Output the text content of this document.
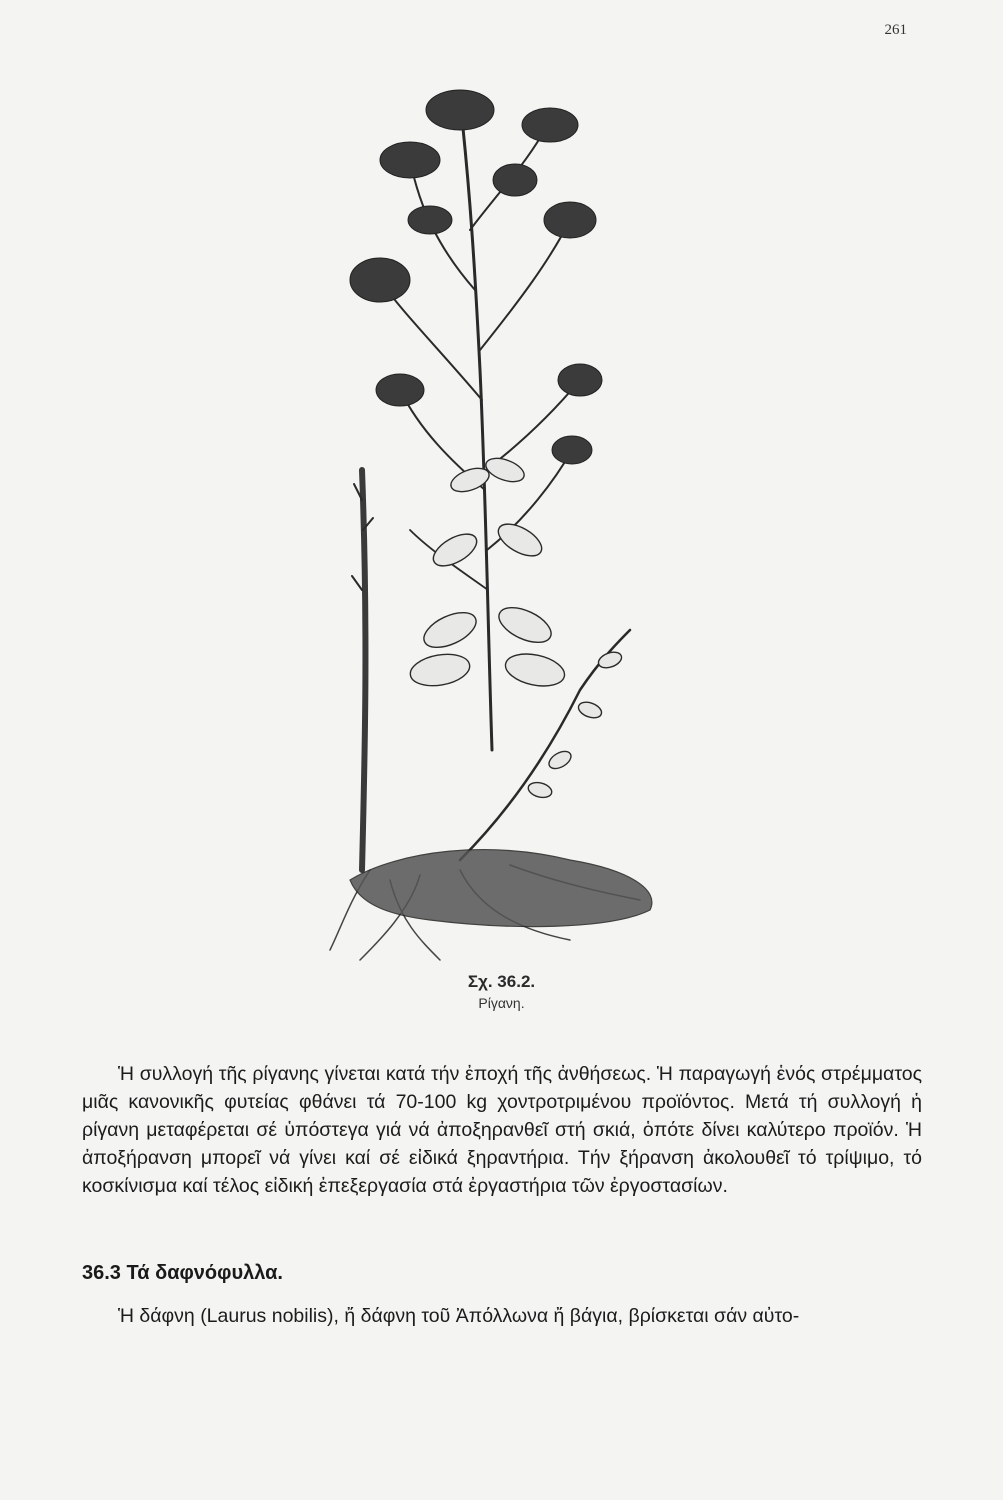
261
Σχ. 36.2.
Ρίγανη.
Ἡ συλλογή τῆς ρίγανης γίνεται κατά τήν ἐποχή τῆς ἀνθήσεως. Ἡ παραγωγή ἑνός στρέμματος μιᾶς κανονικῆς φυτείας φθάνει τά 70-100 kg χοντροτριμένου προϊόντος. Μετά τή συλλογή ἡ ρίγανη μεταφέρεται σέ ὑπόστεγα γιά νά ἀποξηρανθεῖ στή σκιά, ὁπότε δίνει καλύτερο προϊόν. Ἡ ἀποξήρανση μπορεῖ νά γίνει καί σέ εἰδικά ξηραντήρια. Τήν ξήρανση ἀκολουθεῖ τό τρίψιμο, τό κοσκίνισμα καί τέλος εἰδική ἐπεξεργασία στά ἐργαστήρια τῶν ἐργοστασίων.
36.3 Τά δαφνόφυλλα.
Ἡ δάφνη (Laurus nobilis), ἤ δάφνη τοῦ Ἀπόλλωνα ἤ βάγια, βρίσκεται σάν αὐτο-
